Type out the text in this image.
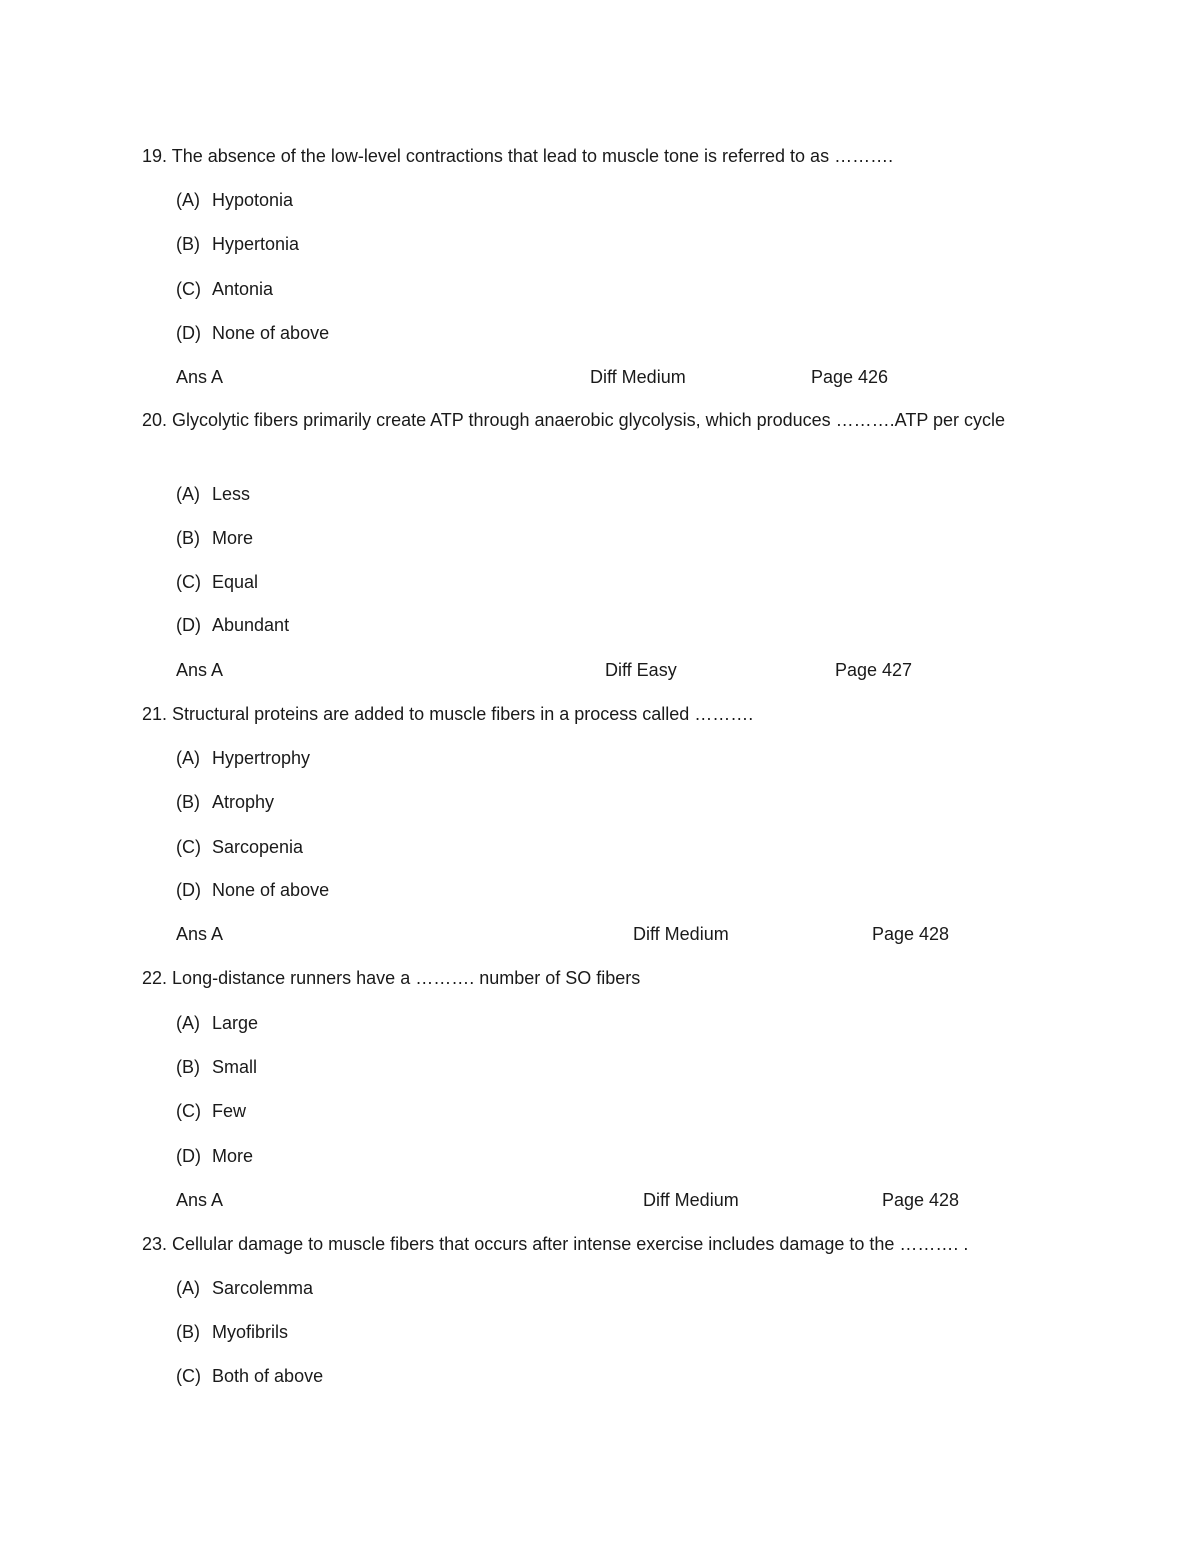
19. The absence of the low-level contractions that lead to muscle tone is referred to as ……….
(A) Hypotonia
(B) Hypertonia
(C) Antonia
(D) None of above
Ans A	Diff Medium	Page 426
20. Glycolytic fibers primarily create ATP through anaerobic glycolysis, which produces ……….ATP per cycle
(A) Less
(B) More
(C) Equal
(D) Abundant
Ans A	Diff Easy	Page 427
21. Structural proteins are added to muscle fibers in a process called ……….
(A) Hypertrophy
(B) Atrophy
(C) Sarcopenia
(D) None of above
Ans A	Diff Medium	Page 428
22. Long-distance runners have a ………. number of SO fibers
(A) Large
(B) Small
(C) Few
(D) More
Ans A	Diff Medium	Page 428
23. Cellular damage to muscle fibers that occurs after intense exercise includes damage to the ………. .
(A) Sarcolemma
(B) Myofibrils
(C) Both of above
